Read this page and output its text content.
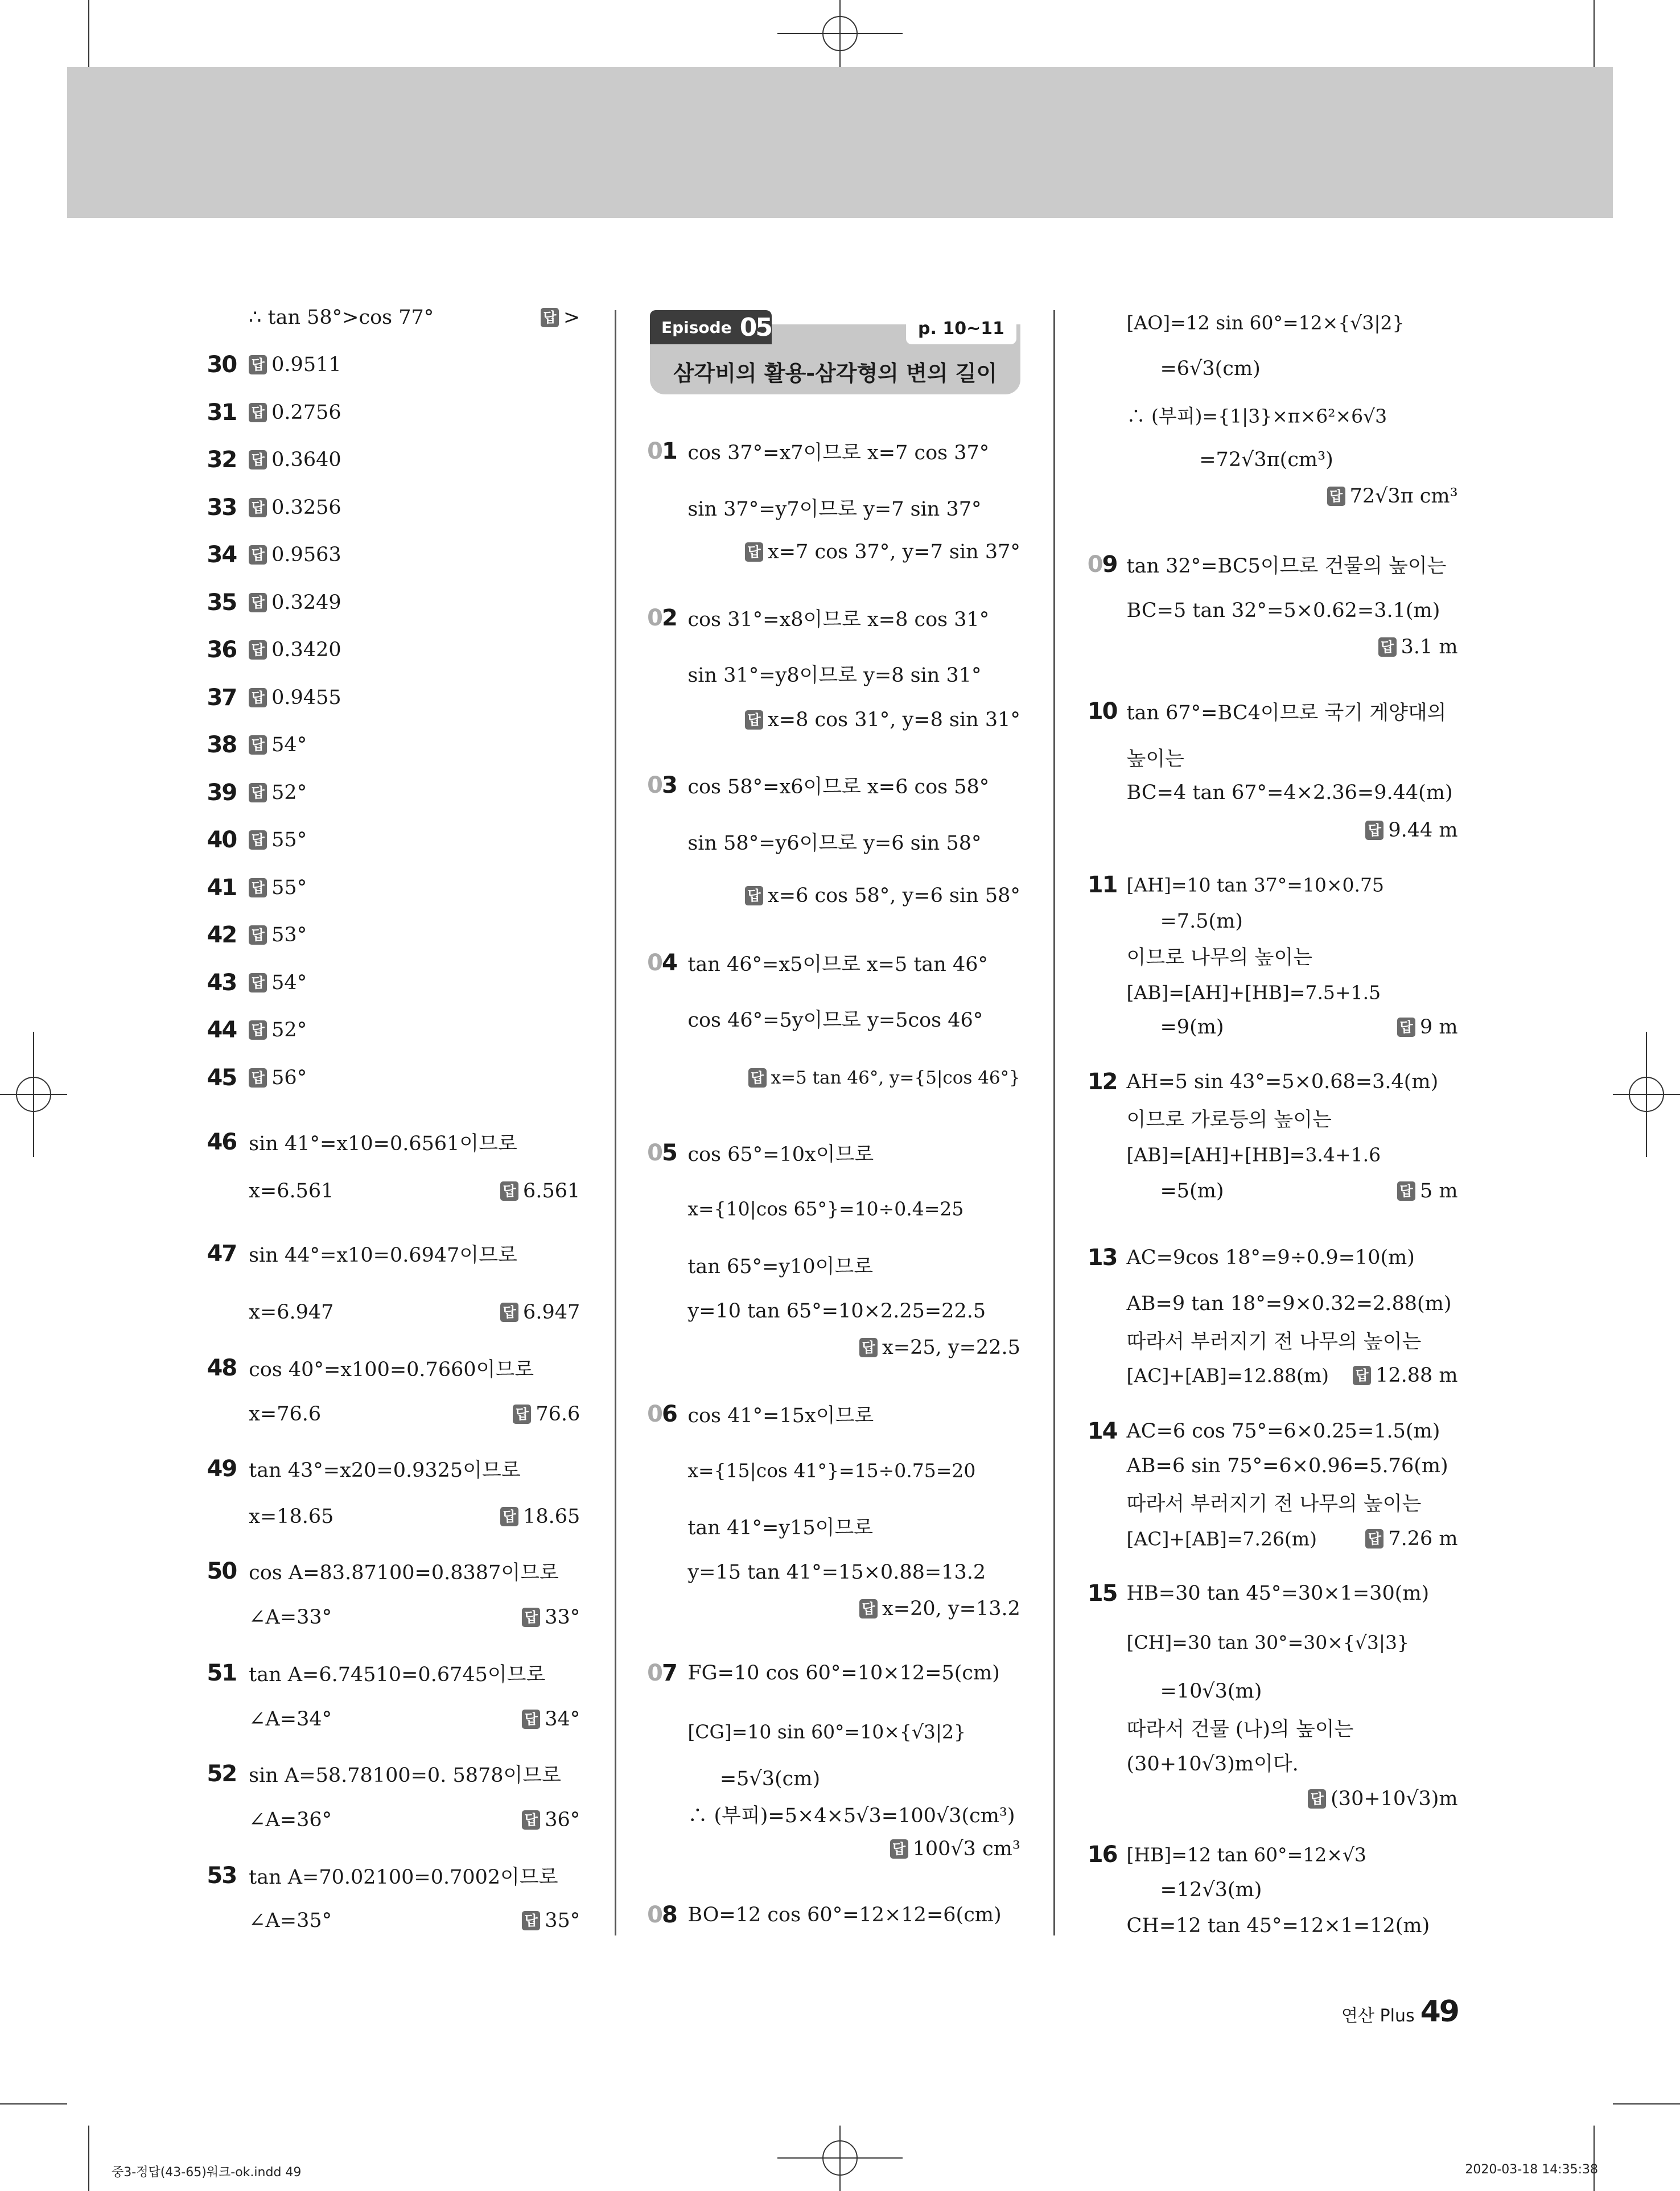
Episode 05	p. 10~11
삼각비의 활용-삼각형의 변의 길이
∴ tan 58°>cos 77°	답 >
30 답 0.9511
31 답 0.2756
32 답 0.3640
33 답 0.3256
34 답 0.9563
35 답 0.3249
36 답 0.3420
37 답 0.9455
38 답 54°
39 답 52°
40 답 55°
41 답 55°
42 답 53°
43 답 54°
44 답 52°
45 답 56°
46 sin 41°=x10=0.6561이므로
x=6.561	답 6.561
47 sin 44°=x10=0.6947이므로
x=6.947	답 6.947
48 cos 40°=x100=0.7660이므로
x=76.6	답 76.6
49 tan 43°=x20=0.9325이므로
x=18.65	답 18.65
50 cos A=83.87100=0.8387이므로
∠A=33°	답 33°
51 tan A=6.74510=0.6745이므로
∠A=34°	답 34°
52 sin A=58.78100=0. 5878이므로
∠A=36°	답 36°
53 tan A=70.02100=0.7002이므로
∠A=35°	답 35°
01 cos 37°=x7이므로 x=7 cos 37°
sin 37°=y7이므로 y=7 sin 37°
답 x=7 cos 37°, y=7 sin 37°
02 cos 31°=x8이므로 x=8 cos 31°
sin 31°=y8이므로 y=8 sin 31°
답 x=8 cos 31°, y=8 sin 31°
03 cos 58°=x6이므로 x=6 cos 58°
sin 58°=y6이므로 y=6 sin 58°
답 x=6 cos 58°, y=6 sin 58°
04 tan 46°=x5이므로 x=5 tan 46°
cos 46°=5y이므로 y=5cos 46°
답 x=5 tan 46°, y={5|cos 46°}
05 cos 65°=10x이므로
x={10|cos 65°}=10÷0.4=25
tan 65°=y10이므로
y=10 tan 65°=10×2.25=22.5
답 x=25, y=22.5
06 cos 41°=15x이므로
x={15|cos 41°}=15÷0.75=20
tan 41°=y15이므로
y=15 tan 41°=15×0.88=13.2
답 x=20, y=13.2
07 FG=10 cos 60°=10×12=5(cm)
[CG]=10 sin 60°=10×{√3|2}
=5√3(cm)
∴ (부피)=5×4×5√3=100√3(cm³)
답 100√3 cm³
08 BO=12 cos 60°=12×12=6(cm)
[AO]=12 sin 60°=12×{√3|2}
=6√3(cm)
∴ (부피)={1|3}×π×6²×6√3
=72√3π(cm³)
답 72√3π cm³
09 tan 32°=BC5이므로 건물의 높이는
BC=5 tan 32°=5×0.62=3.1(m)
답 3.1 m
10 tan 67°=BC4이므로 국기 게양대의
높이는
BC=4 tan 67°=4×2.36=9.44(m)
답 9.44 m
11 [AH]=10 tan 37°=10×0.75
=7.5(m)
이므로 나무의 높이는
[AB]=[AH]+[HB]=7.5+1.5
=9(m)	답 9 m
12 AH=5 sin 43°=5×0.68=3.4(m)
이므로 가로등의 높이는
[AB]=[AH]+[HB]=3.4+1.6
=5(m)	답 5 m
13 AC=9cos 18°=9÷0.9=10(m)
AB=9 tan 18°=9×0.32=2.88(m)
따라서 부러지기 전 나무의 높이는
[AC]+[AB]=12.88(m) 답 12.88 m
14 AC=6 cos 75°=6×0.25=1.5(m)
AB=6 sin 75°=6×0.96=5.76(m)
따라서 부러지기 전 나무의 높이는
[AC]+[AB]=7.26(m)	답 7.26 m
15 HB=30 tan 45°=30×1=30(m)
[CH]=30 tan 30°=30×{√3|3}
=10√3(m)
따라서 건물 (나)의 높이는
(30+10√3)m이다.
답 (30+10√3)m
16 [HB]=12 tan 60°=12×√3
=12√3(m)
CH=12 tan 45°=12×1=12(m)
연산 Plus 49
중3-정답(43-65)워크-ok.indd 49	2020-03-18 14:35:38
